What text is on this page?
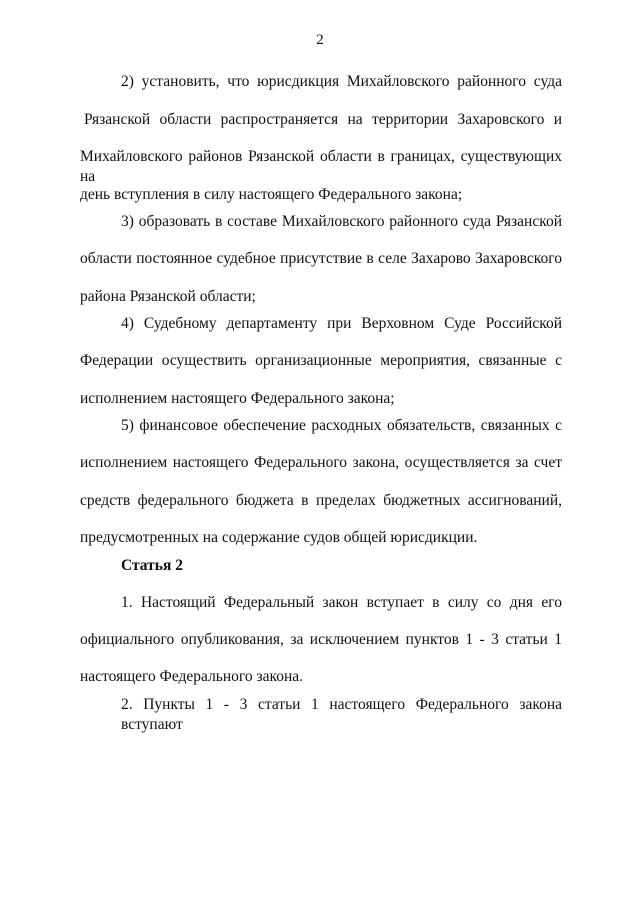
2
2) установить, что юрисдикция Михайловского районного суда
Рязанской области распространяется на территории Захаровского и
Михайловского районов Рязанской области в границах, существующих на
день вступления в силу настоящего Федерального закона;
3) образовать в составе Михайловского районного суда Рязанской
области постоянное судебное присутствие в селе Захарово Захаровского
района Рязанской области;
4) Судебному департаменту при Верховном Суде Российской
Федерации осуществить организационные мероприятия, связанные с
исполнением настоящего Федерального закона;
5) финансовое обеспечение расходных обязательств, связанных с
исполнением настоящего Федерального закона, осуществляется за счет
средств федерального бюджета в пределах бюджетных ассигнований,
предусмотренных на содержание судов общей юрисдикции.
Статья 2
1. Настоящий Федеральный закон вступает в силу со дня его
официального опубликования, за исключением пунктов 1 - 3 статьи 1
настоящего Федерального закона.
2. Пункты 1 - 3 статьи 1 настоящего Федерального закона вступают
